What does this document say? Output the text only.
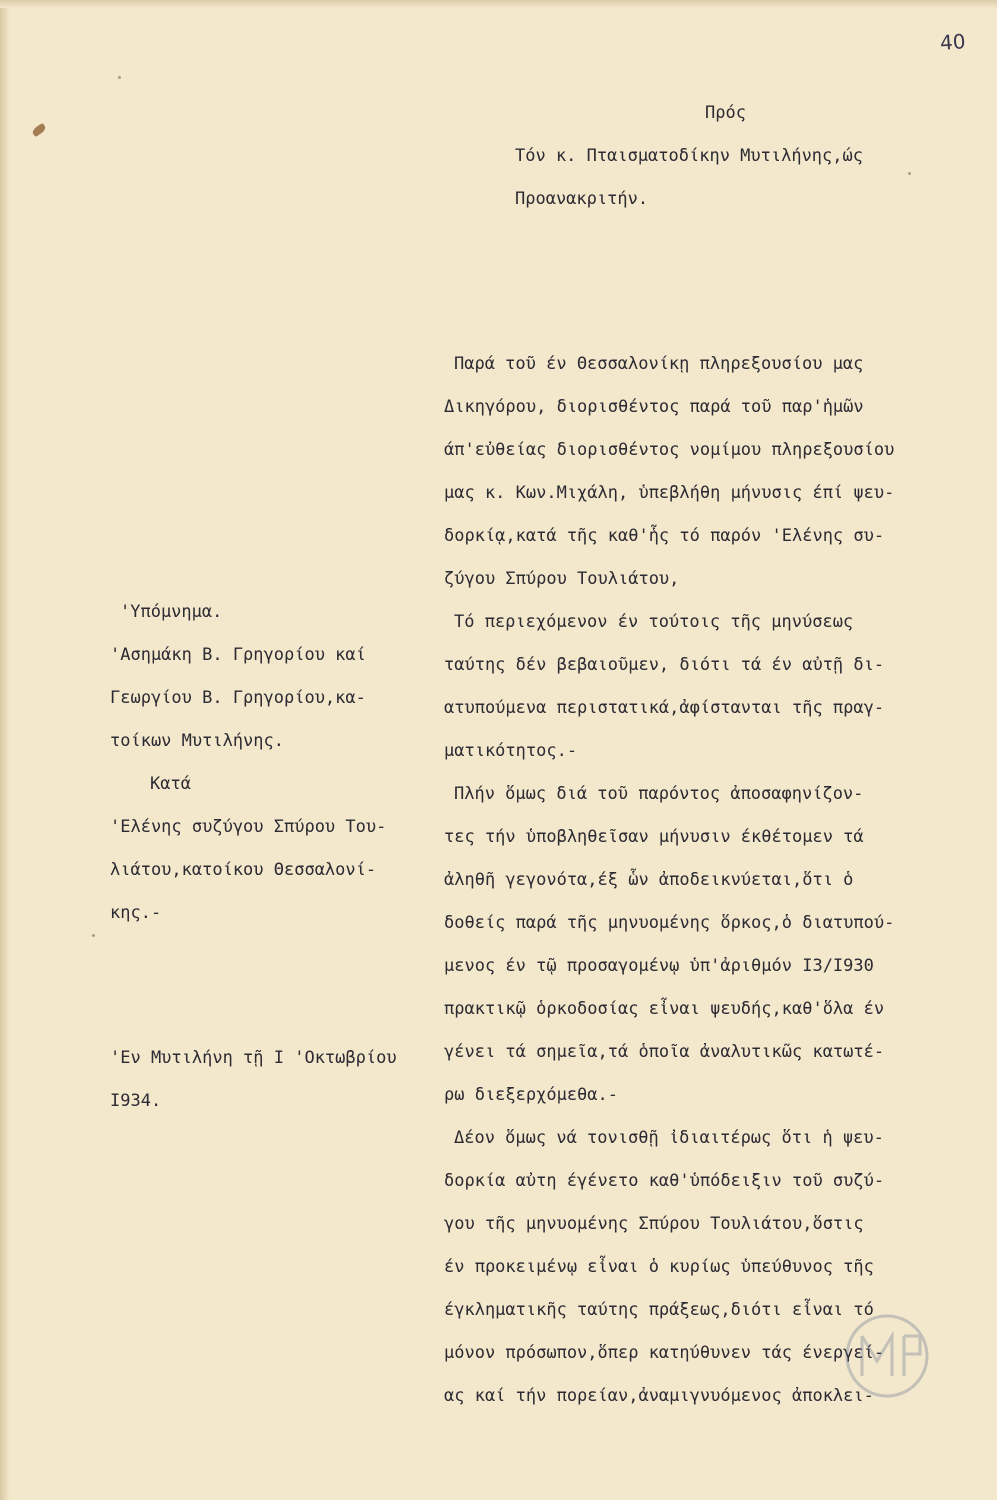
40
Πρός
Τόν κ. Πταισματοδίκην Μυτιλήνης,ώς
Προανακριτήν.
'Υπόμνημα.
'Ασημάκη Β. Γρηγορίου καί
Γεωργίου Β. Γρηγορίου,κα-
τοίκων Μυτιλήνης.
Κατά
'Ελένης συζύγου Σπύρου Του-
λιάτου,κατοίκου Θεσσαλονί-
κης.-
'Εν Μυτιλήνη τῇ Ι 'Οκτωβρίου
Ι934.
Παρά τοῦ έν Θεσσαλονίκῃ πληρεξουσίου μας
Δικηγόρου, διορισθέντος παρά τοῦ παρ'ἡμῶν
άπ'εὐθείας διορισθέντος νομίμου πληρεξουσίου
μας κ. Κων.Μιχάλη, ὑπεβλήθη μήνυσις έπί ψευ-
δορκίᾳ,κατά τῆς καθ'ἧς τό παρόν 'Ελένης συ-
ζύγου Σπύρου Τουλιάτου,
Τό περιεχόμενον έν τούτοις τῆς μηνύσεως
ταύτης δέν βεβαιοῦμεν, διότι τά έν αὐτῇ δι-
ατυπούμενα περιστατικά,ἀφίστανται τῆς πραγ-
ματικότητος.-
Πλήν ὅμως διά τοῦ παρόντος ἀποσαφηνίζον-
τες τήν ὑποβληθεῖσαν μήνυσιν έκθέτομεν τά
ἀληθῆ γεγονότα,έξ ὧν ἀποδεικνύεται,ὅτι ὁ
δοθείς παρά τῆς μηνυομένης ὅρκος,ὁ διατυπού-
μενος έν τῷ προσαγομένῳ ὑπ'ἀριθμόν Ι3/Ι930
πρακτικῷ ὁρκοδοσίας εἶναι ψευδής,καθ'ὅλα έν
γένει τά σημεῖα,τά ὁποῖα ἀναλυτικῶς κατωτέ-
ρω διεξερχόμεθα.-
Δέον ὅμως νά τονισθῇ ἰδιαιτέρως ὅτι ἡ ψευ-
δορκία αὐτη έγένετο καθ'ὑπόδειξιν τοῦ συζύ-
γου τῆς μηνυομένης Σπύρου Τουλιάτου,ὅστις
έν προκειμένῳ εἶναι ὁ κυρίως ὑπεύθυνος τῆς
έγκληματικῆς ταύτης πράξεως,διότι εἶναι τό
μόνον πρόσωπον,ὅπερ κατηύθυνεν τάς ένεργεί-
ας καί τήν πορείαν,ἀναμιγνυόμενος ἀποκλει-
